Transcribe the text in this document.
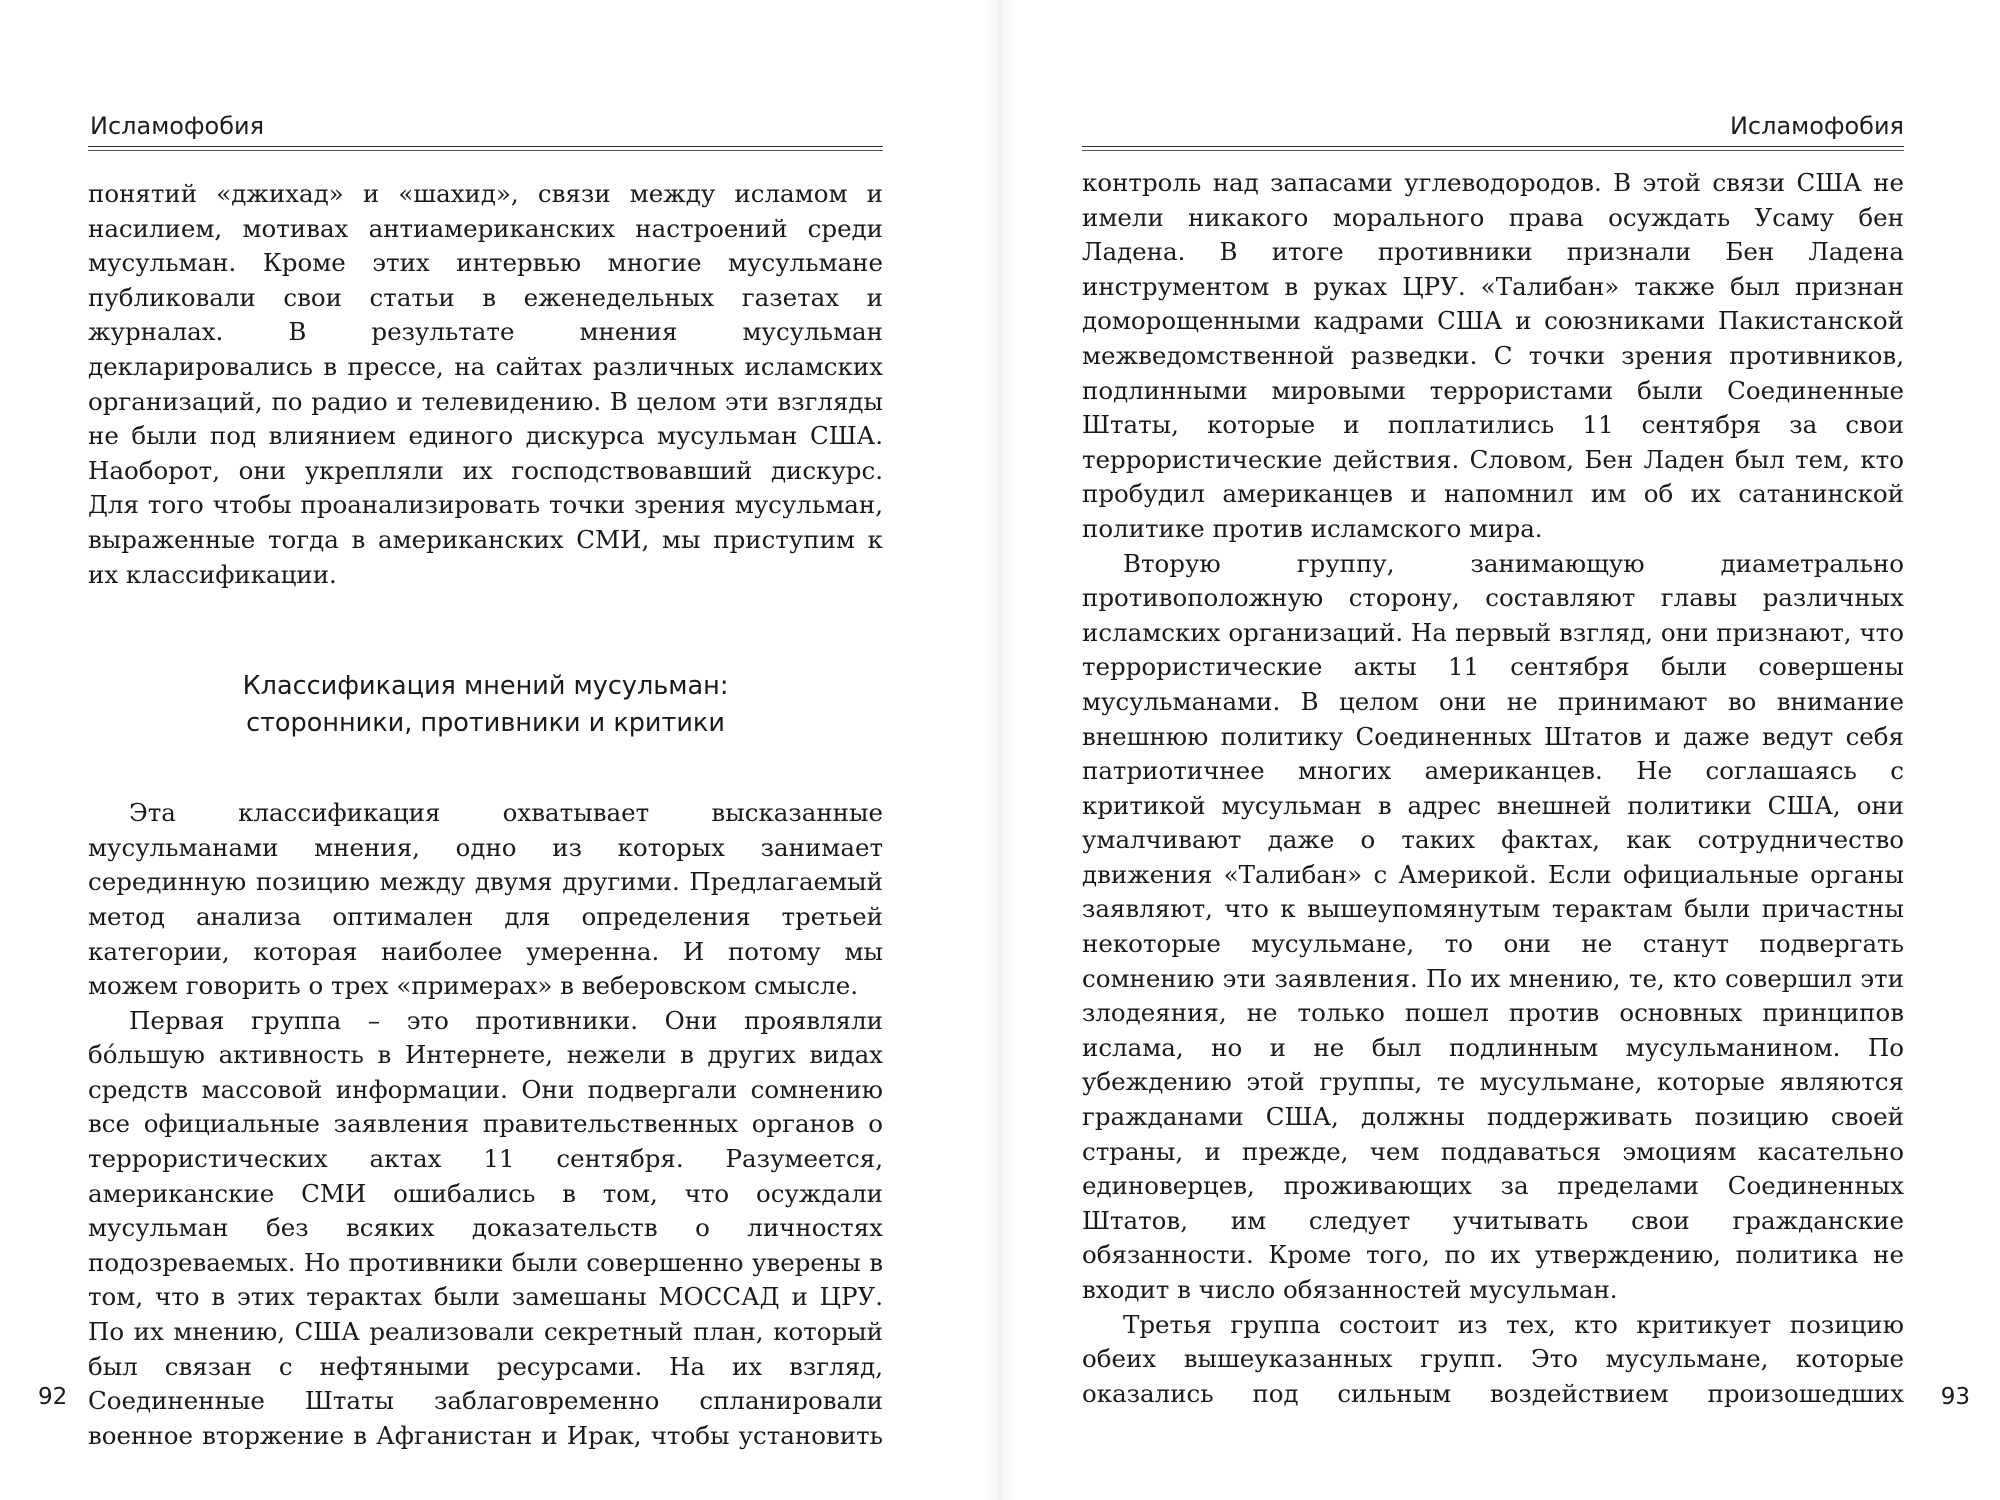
Исламофобия

понятий «джихад» и «шахид», связи между исламом и насилием, мотивах антиамериканских настроений среди мусульман. Кроме этих интервью многие мусульмане публиковали свои статьи в еженедельных газетах и журналах. В результате мнения мусульман декларировались в прессе, на сайтах различных исламских организаций, по радио и телевидению. В целом эти взгляды не были под влиянием единого дискурса мусульман США. Наоборот, они укрепляли их господствовавший дискурс. Для того чтобы проанализировать точки зрения мусульман, выраженные тогда в американских СМИ, мы приступим к их классификации.

Классификация мнений мусульман:
сторонники, противники и критики

Эта классификация охватывает высказанные мусульманами мнения, одно из которых занимает серединную позицию между двумя другими. Предлагаемый метод анализа оптимален для определения третьей категории, которая наиболее умеренна. И потому мы можем говорить о трех «примерах» в веберовском смысле.

Первая группа – это противники. Они проявляли бо́льшую активность в Интернете, нежели в других видах средств массовой информации. Они подвергали сомнению все официальные заявления правительственных органов о террористических актах 11 сентября. Разумеется, американские СМИ ошибались в том, что осуждали мусульман без всяких доказательств о личностях подозреваемых. Но противники были совершенно уверены в том, что в этих терактах были замешаны МОССАД и ЦРУ. По их мнению, США реализовали секретный план, который был связан с нефтяными ресурсами. На их взгляд, Соединенные Штаты заблаговременно спланировали военное вторжение в Афганистан и Ирак, чтобы установить

92
Исламофобия

контроль над запасами углеводородов. В этой связи США не имели никакого морального права осуждать Усаму бен Ладена. В итоге противники признали Бен Ладена инструментом в руках ЦРУ. «Талибан» также был признан доморощенными кадрами США и союзниками Пакистанской межведомственной разведки. С точки зрения противников, подлинными мировыми террористами были Соединенные Штаты, которые и поплатились 11 сентября за свои террористические действия. Словом, Бен Ладен был тем, кто пробудил американцев и напомнил им об их сатанинской политике против исламского мира.

Вторую группу, занимающую диаметрально противоположную сторону, составляют главы различных исламских организаций. На первый взгляд, они признают, что террористические акты 11 сентября были совершены мусульманами. В целом они не принимают во внимание внешнюю политику Соединенных Штатов и даже ведут себя патриотичнее многих американцев. Не соглашаясь с критикой мусульман в адрес внешней политики США, они умалчивают даже о таких фактах, как сотрудничество движения «Талибан» с Америкой. Если официальные органы заявляют, что к вышеупомянутым терактам были причастны некоторые мусульмане, то они не станут подвергать сомнению эти заявления. По их мнению, те, кто совершил эти злодеяния, не только пошел против основных принципов ислама, но и не был подлинным мусульманином. По убеждению этой группы, те мусульмане, которые являются гражданами США, должны поддерживать позицию своей страны, и прежде, чем поддаваться эмоциям касательно единоверцев, проживающих за пределами Соединенных Штатов, им следует учитывать свои гражданские обязанности. Кроме того, по их утверждению, политика не входит в число обязанностей мусульман.

Третья группа состоит из тех, кто критикует позицию обеих вышеуказанных групп. Это мусульмане, которые оказались под сильным воздействием произошедших 93
